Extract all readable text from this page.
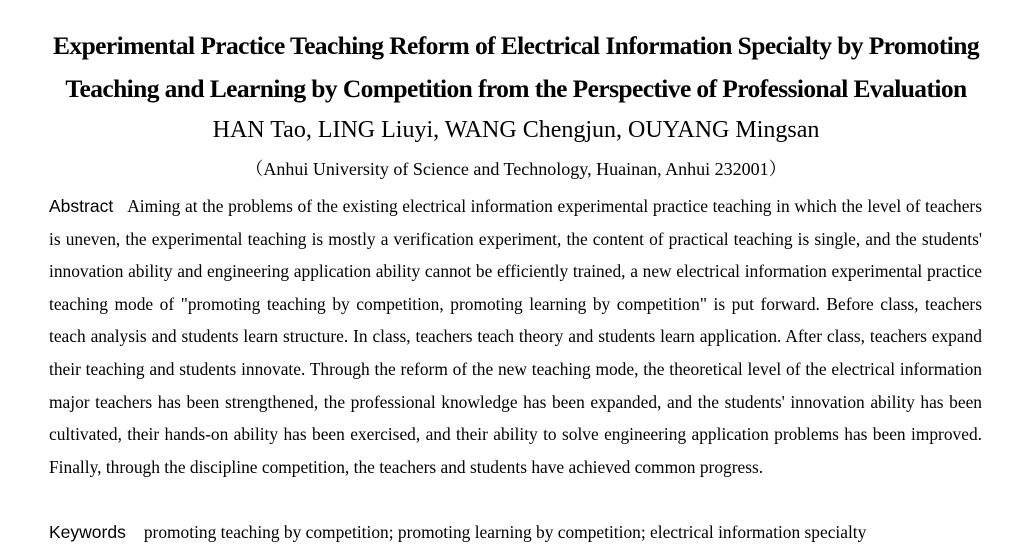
Experimental Practice Teaching Reform of Electrical Information Specialty by Promoting
Teaching and Learning by Competition from the Perspective of Professional Evaluation
HAN Tao, LING Liuyi, WANG Chengjun, OUYANG Mingsan
（Anhui University of Science and Technology, Huainan, Anhui 232001）

Abstract Aiming at the problems of the existing electrical information experimental practice teaching in which the level of teachers is uneven, the experimental teaching is mostly a verification experiment, the content of practical teaching is single, and the students' innovation ability and engineering application ability cannot be efficiently trained, a new electrical information experimental practice teaching mode of "promoting teaching by competition, promoting learning by competition" is put forward. Before class, teachers teach analysis and students learn structure. In class, teachers teach theory and students learn application. After class, teachers expand their teaching and students innovate. Through the reform of the new teaching mode, the theoretical level of the electrical information major teachers has been strengthened, the professional knowledge has been expanded, and the students' innovation ability has been cultivated, their hands-on ability has been exercised, and their ability to solve engineering application problems has been improved. Finally, through the discipline competition, the teachers and students have achieved common progress.

Keywords promoting teaching by competition; promoting learning by competition; electrical information specialty
